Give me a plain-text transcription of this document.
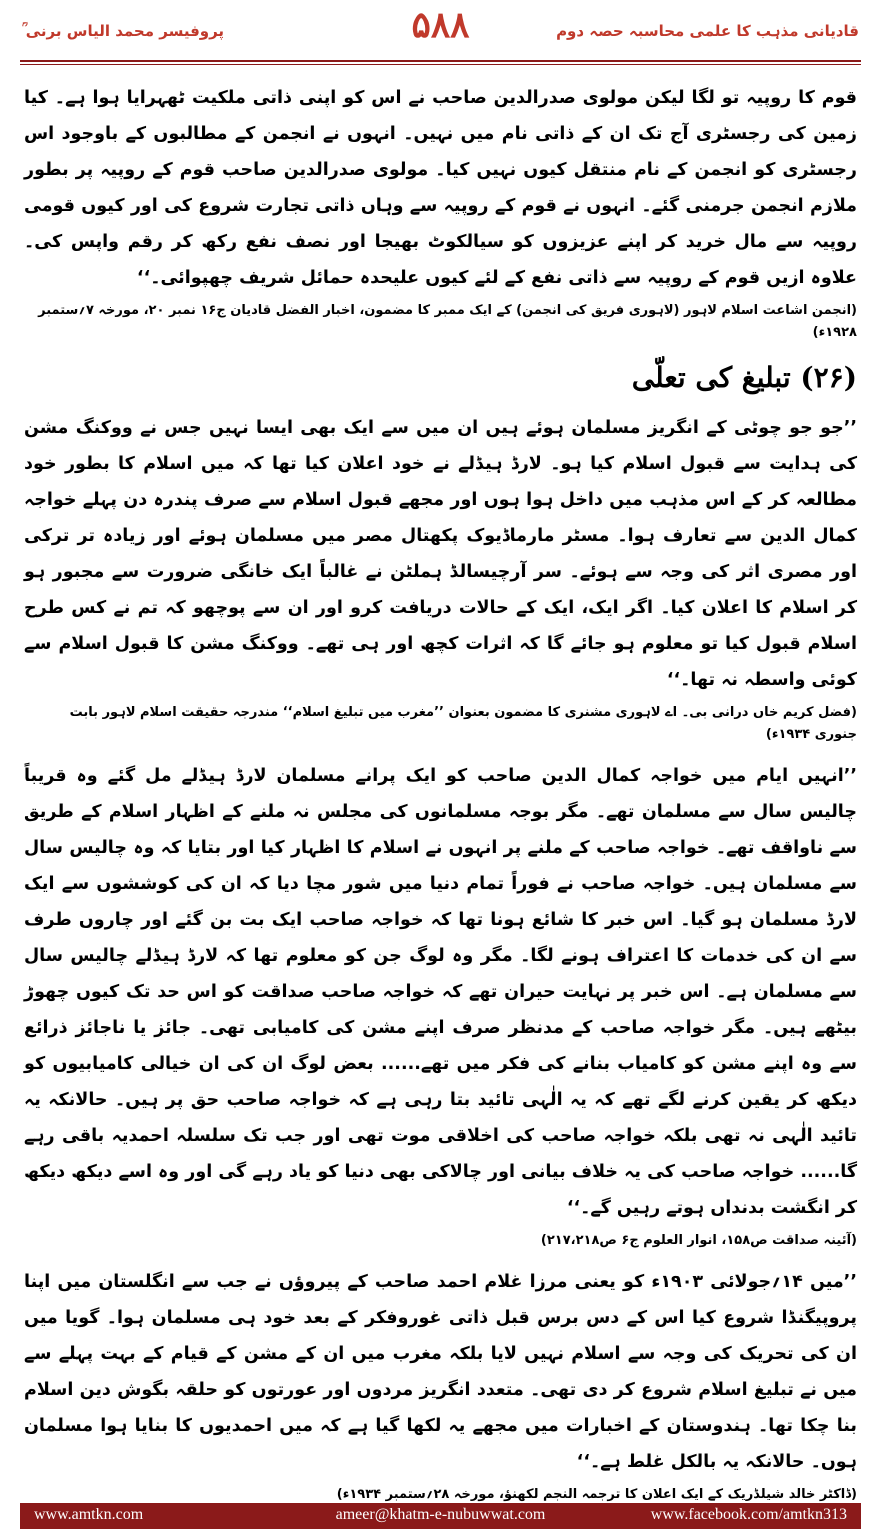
قادیانی مذہب کا علمی محاسبہ حصہ دوم
۵۸۸
پروفیسر محمد الیاس برنی ؒ

قوم کا روپیہ تو لگا لیکن مولوی صدرالدین صاحب نے اس کو اپنی ذاتی ملکیت ٹھہرایا ہوا ہے۔ کیا زمین کی رجسٹری آج تک ان کے ذاتی نام میں نہیں۔ انہوں نے انجمن کے مطالبوں کے باوجود اس رجسٹری کو انجمن کے نام منتقل کیوں نہیں کیا۔ مولوی صدرالدین صاحب قوم کے روپیہ پر بطور ملازم انجمن جرمنی گئے۔ انہوں نے قوم کے روپیہ سے وہاں ذاتی تجارت شروع کی اور کیوں قومی روپیہ سے مال خرید کر اپنے عزیزوں کو سیالکوٹ بھیجا اور نصف نفع رکھ کر رقم واپس کی۔ علاوہ ازیں قوم کے روپیہ سے ذاتی نفع کے لئے کیوں علیحدہ حمائل شریف چھپوائی۔‘‘

(انجمن اشاعت اسلام لاہور (لاہوری فریق کی انجمن) کے ایک ممبر کا مضمون، اخبار الفضل قادیان ج۱۶ نمبر ۲۰، مورخہ ۷؍ستمبر ۱۹۲۸ء)
(۲۶) تبلیغ کی تعلّی

’’جو جو چوٹی کے انگریز مسلمان ہوئے ہیں ان میں سے ایک بھی ایسا نہیں جس نے ووکنگ مشن کی ہدایت سے قبول اسلام کیا ہو۔ لارڈ ہیڈلے نے خود اعلان کیا تھا کہ میں اسلام کا بطور خود مطالعہ کر کے اس مذہب میں داخل ہوا ہوں اور مجھے قبول اسلام سے صرف پندرہ دن پہلے خواجہ کمال الدین سے تعارف ہوا۔ مسٹر مارماڈیوک پکھتال مصر میں مسلمان ہوئے اور زیادہ تر ترکی اور مصری اثر کی وجہ سے ہوئے۔ سر آرچیسالڈ ہملٹن نے غالباً ایک خانگی ضرورت سے مجبور ہو کر اسلام کا اعلان کیا۔ اگر ایک، ایک کے حالات دریافت کرو اور ان سے پوچھو کہ تم نے کس طرح اسلام قبول کیا تو معلوم ہو جائے گا کہ اثرات کچھ اور ہی تھے۔ ووکنگ مشن کا قبول اسلام سے کوئی واسطہ نہ تھا۔‘‘

(فضل کریم خاں درانی بی۔ اے لاہوری مشنری کا مضمون بعنوان ’’مغرب میں تبلیغ اسلام‘‘ مندرجہ حقیقت اسلام لاہور بابت جنوری ۱۹۳۴ء)

’’انہیں ایام میں خواجہ کمال الدین صاحب کو ایک پرانے مسلمان لارڈ ہیڈلے مل گئے وہ قریباً چالیس سال سے مسلمان تھے۔ مگر بوجہ مسلمانوں کی مجلس نہ ملنے کے اظہار اسلام کے طریق سے ناواقف تھے۔ خواجہ صاحب کے ملنے پر انہوں نے اسلام کا اظہار کیا اور بتایا کہ وہ چالیس سال سے مسلمان ہیں۔ خواجہ صاحب نے فوراً تمام دنیا میں شور مچا دیا کہ ان کی کوششوں سے ایک لارڈ مسلمان ہو گیا۔ اس خبر کا شائع ہونا تھا کہ خواجہ صاحب ایک بت بن گئے اور چاروں طرف سے ان کی خدمات کا اعتراف ہونے لگا۔ مگر وہ لوگ جن کو معلوم تھا کہ لارڈ ہیڈلے چالیس سال سے مسلمان ہے۔ اس خبر پر نہایت حیران تھے کہ خواجہ صاحب صداقت کو اس حد تک کیوں چھوڑ بیٹھے ہیں۔ مگر خواجہ صاحب کے مدنظر صرف اپنے مشن کی کامیابی تھی۔ جائز یا ناجائز ذرائع سے وہ اپنے مشن کو کامیاب بنانے کی فکر میں تھے...... بعض لوگ ان کی ان خیالی کامیابیوں کو دیکھ کر یقین کرنے لگے تھے کہ یہ الٰہی تائید بتا رہی ہے کہ خواجہ صاحب حق پر ہیں۔ حالانکہ یہ تائید الٰہی نہ تھی بلکہ خواجہ صاحب کی اخلاقی موت تھی اور جب تک سلسلہ احمدیہ باقی رہے گا...... خواجہ صاحب کی یہ خلاف بیانی اور چالاکی بھی دنیا کو یاد رہے گی اور وہ اسے دیکھ دیکھ کر انگشت بدنداں ہوتے رہیں گے۔‘‘

(آئینہ صداقت ص۱۵۸، انوار العلوم ج۶ ص۲۱۷،۲۱۸)

’’میں ۱۴؍جولائی ۱۹۰۳ء کو یعنی مرزا غلام احمد صاحب کے پیروؤں نے جب سے انگلستان میں اپنا پروپیگنڈا شروع کیا اس کے دس برس قبل ذاتی غوروفکر کے بعد خود ہی مسلمان ہوا۔ گویا میں ان کی تحریک کی وجہ سے اسلام نہیں لایا بلکہ مغرب میں ان کے مشن کے قیام کے بہت پہلے سے میں نے تبلیغ اسلام شروع کر دی تھی۔ متعدد انگریز مردوں اور عورتوں کو حلقہ بگوش دین اسلام بنا چکا تھا۔ ہندوستان کے اخبارات میں مجھے یہ لکھا گیا ہے کہ میں احمدیوں کا بنایا ہوا مسلمان ہوں۔ حالانکہ یہ بالکل غلط ہے۔‘‘

(ڈاکٹر خالد شیلڈریک کے ایک اعلان کا ترجمہ النجم لکھنؤ، مورخہ ۲۸؍ستمبر ۱۹۳۴ء)
www.amtkn.com	ameer@khatm-e-nubuwwat.com	www.facebook.com/amtkn313
